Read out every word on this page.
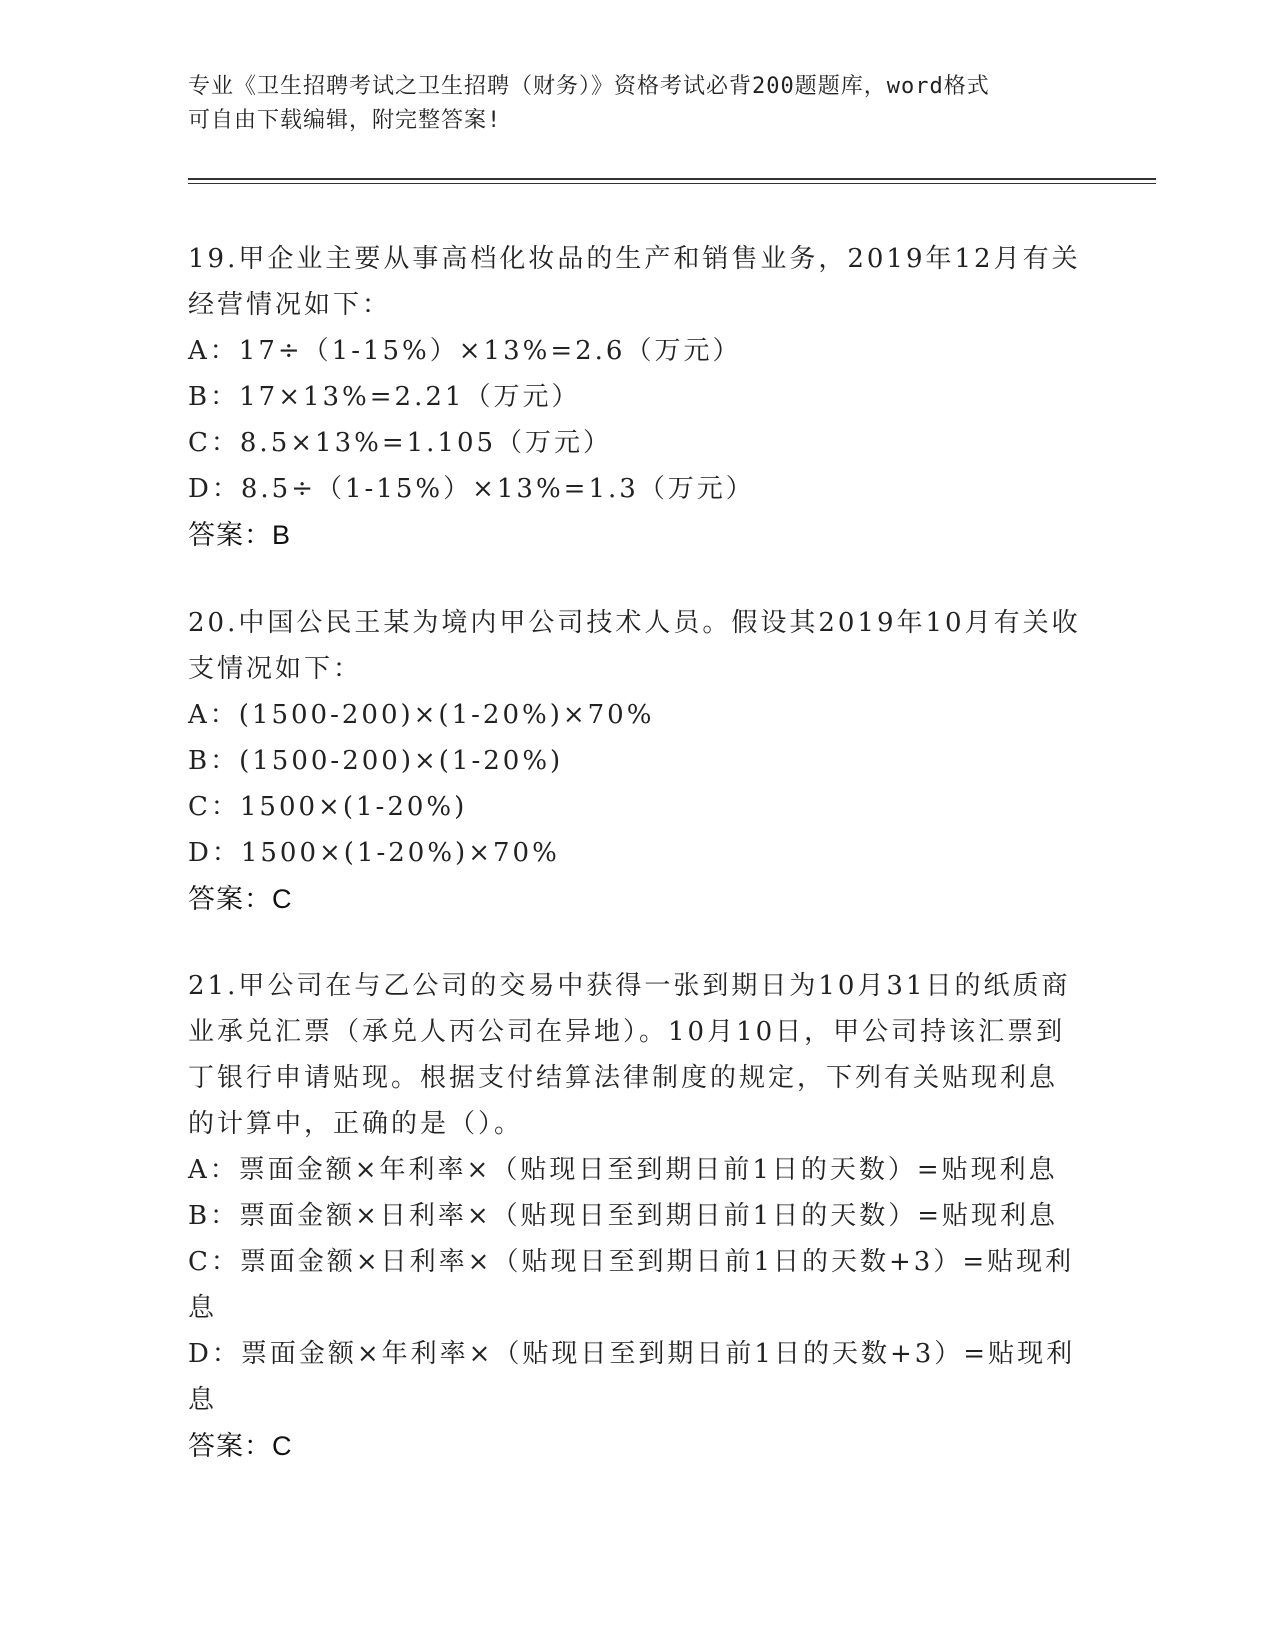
专业《卫生招聘考试之卫生招聘（财务）》资格考试必背200题题库，word格式
可自由下载编辑，附完整答案!
19.甲企业主要从事高档化妆品的生产和销售业务，2019年12月有关
经营情况如下：
A：17÷（1-15%）×13%=2.6（万元）
B：17×13%=2.21（万元）
C：8.5×13%=1.105（万元）
D：8.5÷（1-15%）×13%=1.3（万元）
答案：B
20.中国公民王某为境内甲公司技术人员。假设其2019年10月有关收
支情况如下：
A：(1500-200)×(1-20%)×70%
B：(1500-200)×(1-20%)
C：1500×(1-20%)
D：1500×(1-20%)×70%
答案：C
21.甲公司在与乙公司的交易中获得一张到期日为10月31日的纸质商
业承兑汇票（承兑人丙公司在异地）。10月10日，甲公司持该汇票到
丁银行申请贴现。根据支付结算法律制度的规定，下列有关贴现利息
的计算中，正确的是（）。
A：票面金额×年利率×（贴现日至到期日前1日的天数）=贴现利息
B：票面金额×日利率×（贴现日至到期日前1日的天数）=贴现利息
C：票面金额×日利率×（贴现日至到期日前1日的天数+3）=贴现利息
D：票面金额×年利率×（贴现日至到期日前1日的天数+3）=贴现利息
答案：C
